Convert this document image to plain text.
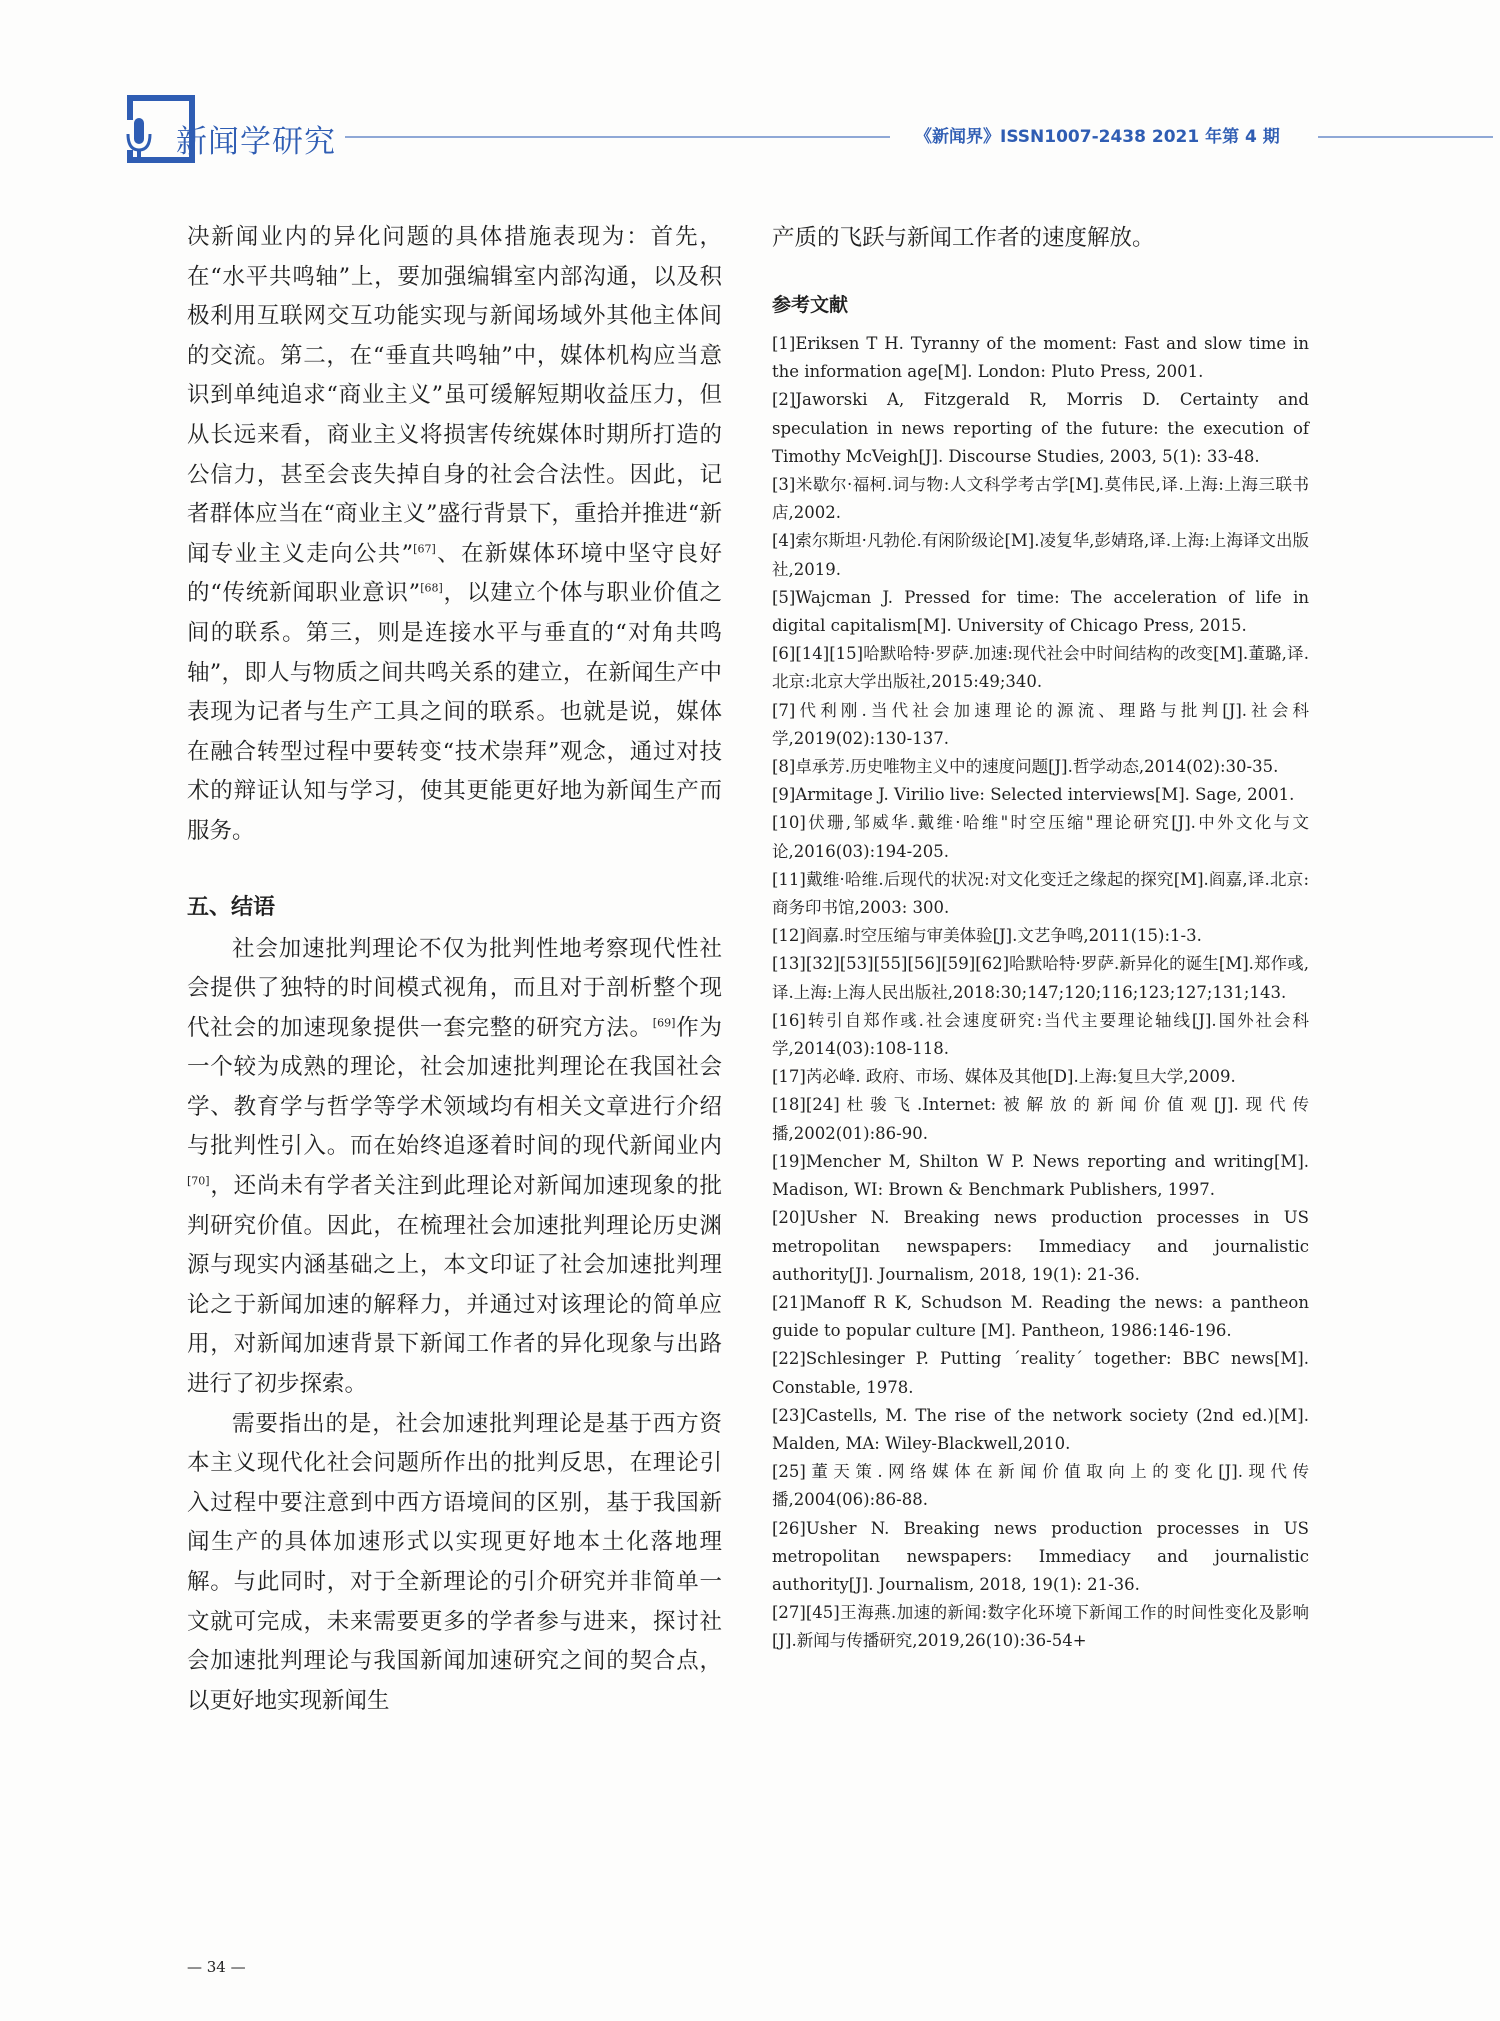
新闻学研究	《新闻界》ISSN1007-2438 2021 年第 4 期

决新闻业内的异化问题的具体措施表现为：首先，在“水平共鸣轴”上，要加强编辑室内部沟通，以及积极利用互联网交互功能实现与新闻场域外其他主体间的交流。第二，在“垂直共鸣轴”中，媒体机构应当意识到单纯追求“商业主义”虽可缓解短期收益压力，但从长远来看，商业主义将损害传统媒体时期所打造的公信力，甚至会丧失掉自身的社会合法性。因此，记者群体应当在“商业主义”盛行背景下，重拾并推进“新闻专业主义走向公共”[67]、在新媒体环境中坚守良好的“传统新闻职业意识”[68]，以建立个体与职业价值之间的联系。第三，则是连接水平与垂直的“对角共鸣轴”，即人与物质之间共鸣关系的建立，在新闻生产中表现为记者与生产工具之间的联系。也就是说，媒体在融合转型过程中要转变“技术崇拜”观念，通过对技术的辩证认知与学习，使其更能更好地为新闻生产而服务。

五、结语

社会加速批判理论不仅为批判性地考察现代性社会提供了独特的时间模式视角，而且对于剖析整个现代社会的加速现象提供一套完整的研究方法。[69]作为一个较为成熟的理论，社会加速批判理论在我国社会学、教育学与哲学等学术领域均有相关文章进行介绍与批判性引入。而在始终追逐着时间的现代新闻业内[70]，还尚未有学者关注到此理论对新闻加速现象的批判研究价值。因此，在梳理社会加速批判理论历史渊源与现实内涵基础之上，本文印证了社会加速批判理论之于新闻加速的解释力，并通过对该理论的简单应用，对新闻加速背景下新闻工作者的异化现象与出路进行了初步探索。

需要指出的是，社会加速批判理论是基于西方资本主义现代化社会问题所作出的批判反思，在理论引入过程中要注意到中西方语境间的区别，基于我国新闻生产的具体加速形式以实现更好地本土化落地理解。与此同时，对于全新理论的引介研究并非简单一文就可完成，未来需要更多的学者参与进来，探讨社会加速批判理论与我国新闻加速研究之间的契合点，以更好地实现新闻生

产质的飞跃与新闻工作者的速度解放。

参考文献
[1]Eriksen T H. Tyranny of the moment: Fast and slow time in the information age[M]. London: Pluto Press, 2001.
[2]Jaworski A, Fitzgerald R, Morris D. Certainty and speculation in news reporting of the future: the execution of Timothy McVeigh[J]. Discourse Studies, 2003, 5(1): 33-48.
[3]米歇尔·福柯.词与物:人文科学考古学[M].莫伟民,译.上海:上海三联书店,2002.
[4]索尔斯坦·凡勃伦.有闲阶级论[M].凌复华,彭婧珞,译.上海:上海译文出版社,2019.
[5]Wajcman J. Pressed for time: The acceleration of life in digital capitalism[M]. University of Chicago Press, 2015.
[6][14][15]哈默哈特·罗萨.加速:现代社会中时间结构的改变[M].董璐,译.北京:北京大学出版社,2015:49;340.
[7]代利刚.当代社会加速理论的源流、理路与批判[J].社会科学,2019(02):130-137.
[8]卓承芳.历史唯物主义中的速度问题[J].哲学动态,2014(02):30-35.
[9]Armitage J. Virilio live: Selected interviews[M]. Sage, 2001.
[10]伏珊,邹威华.戴维·哈维"时空压缩"理论研究[J].中外文化与文论,2016(03):194-205.
[11]戴维·哈维.后现代的状况:对文化变迁之缘起的探究[M].阎嘉,译.北京:商务印书馆,2003: 300.
[12]阎嘉.时空压缩与审美体验[J].文艺争鸣,2011(15):1-3.
[13][32][53][55][56][59][62]哈默哈特·罗萨.新异化的诞生[M].郑作彧,译.上海:上海人民出版社,2018:30;147;120;116;123;127;131;143.
[16]转引自郑作彧.社会速度研究:当代主要理论轴线[J].国外社会科学,2014(03):108-118.
[17]芮必峰. 政府、市场、媒体及其他[D].上海:复旦大学,2009.
[18][24]杜骏飞.Internet:被解放的新闻价值观[J].现代传播,2002(01):86-90.
[19]Mencher M, Shilton W P. News reporting and writing[M]. Madison, WI: Brown & Benchmark Publishers, 1997.
[20]Usher N. Breaking news production processes in US metropolitan newspapers: Immediacy and journalistic authority[J]. Journalism, 2018, 19(1): 21-36.
[21]Manoff R K, Schudson M. Reading the news: a pantheon guide to popular culture [M]. Pantheon, 1986:146-196.
[22]Schlesinger P. Putting ´reality´ together: BBC news[M]. Constable, 1978.
[23]Castells, M. The rise of the network society (2nd ed.)[M]. Malden, MA: Wiley-Blackwell,2010.
[25]董天策.网络媒体在新闻价值取向上的变化[J].现代传播,2004(06):86-88.
[26]Usher N. Breaking news production processes in US metropolitan newspapers: Immediacy and journalistic authority[J]. Journalism, 2018, 19(1): 21-36.
[27][45]王海燕.加速的新闻:数字化环境下新闻工作的时间性变化及影响[J].新闻与传播研究,2019,26(10):36-54+
— 34 —
